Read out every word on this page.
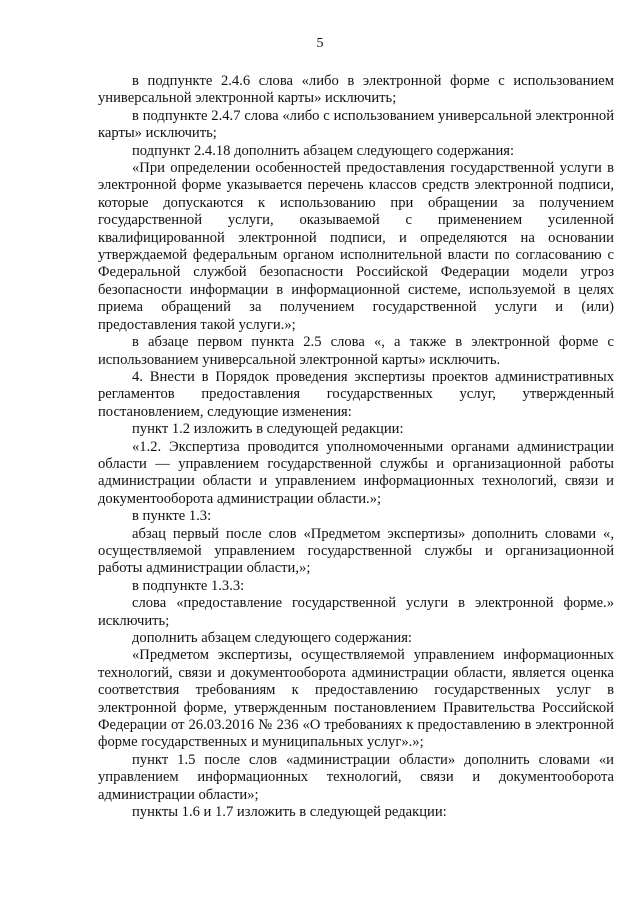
5

в подпункте 2.4.6 слова «либо в электронной форме с использованием универсальной электронной карты» исключить;

в подпункте 2.4.7 слова «либо с использованием универсальной электронной карты» исключить;

подпункт 2.4.18 дополнить абзацем следующего содержания:

«При определении особенностей предоставления государственной услуги в электронной форме указывается перечень классов средств электронной подписи, которые допускаются к использованию при обращении за получением государственной услуги, оказываемой с применением усиленной квалифицированной электронной подписи, и определяются на основании утверждаемой федеральным органом исполнительной власти по согласованию с Федеральной службой безопасности Российской Федерации модели угроз безопасности информации в информационной системе, используемой в целях приема обращений за получением государственной услуги и (или) предоставления такой услуги.»;

в абзаце первом пункта 2.5 слова «, а также в электронной форме с использованием универсальной электронной карты» исключить.

4. Внести в Порядок проведения экспертизы проектов административных регламентов предоставления государственных услуг, утвержденный постановлением, следующие изменения:

пункт 1.2 изложить в следующей редакции:

«1.2. Экспертиза проводится уполномоченными органами администрации области — управлением государственной службы и организационной работы администрации области и управлением информационных технологий, связи и документооборота администрации области.»;

в пункте 1.3:

абзац первый после слов «Предметом экспертизы» дополнить словами «, осуществляемой управлением государственной службы и организационной работы администрации области,»;

в подпункте 1.3.3:

слова «предоставление государственной услуги в электронной форме.» исключить;

дополнить абзацем следующего содержания:

«Предметом экспертизы, осуществляемой управлением информационных технологий, связи и документооборота администрации области, является оценка соответствия требованиям к предоставлению государственных услуг в электронной форме, утвержденным постановлением Правительства Российской Федерации от 26.03.2016 № 236 «О требованиях к предоставлению в электронной форме государственных и муниципальных услуг».»;

пункт 1.5 после слов «администрации области» дополнить словами «и управлением информационных технологий, связи и документооборота администрации области»;

пункты 1.6 и 1.7 изложить в следующей редакции:
